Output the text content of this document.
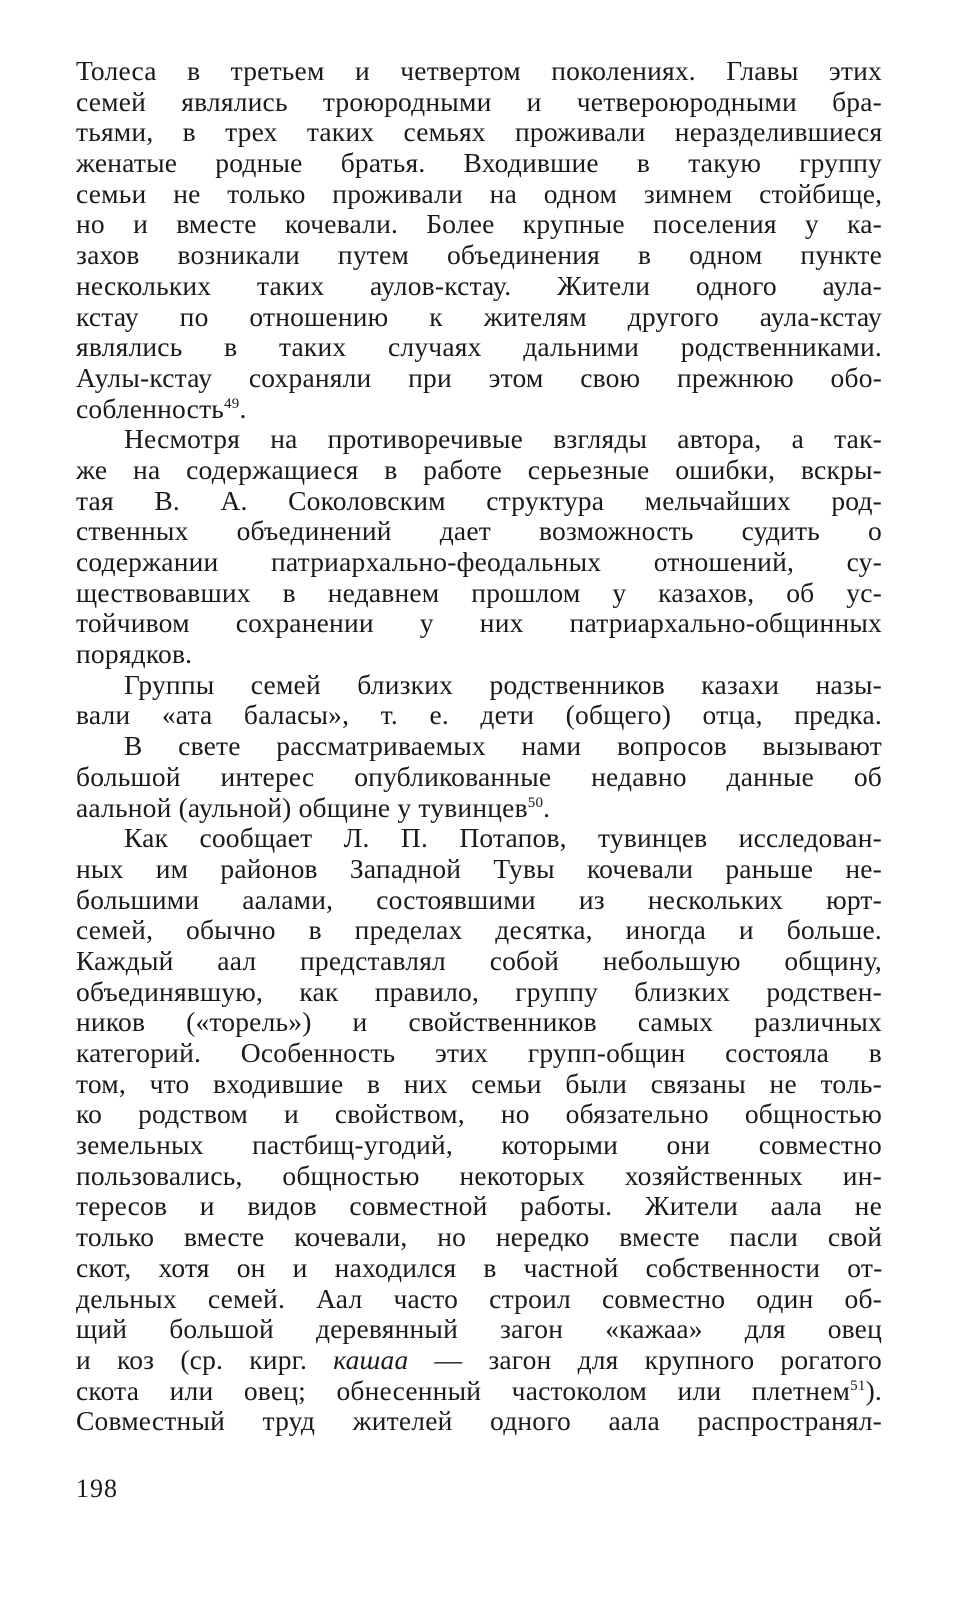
Толеса в третьем и четвертом поколениях. Главы этих
семей являлись троюродными и четвероюродными бра-
тьями, в трех таких семьях проживали неразделившиеся
женатые родные братья. Входившие в такую группу
семьи не только проживали на одном зимнем стойбище,
но и вместе кочевали. Более крупные поселения у ка-
захов возникали путем объединения в одном пункте
нескольких таких аулов-кстау. Жители одного аула-
кстау по отношению к жителям другого аула-кстау
являлись в таких случаях дальними родственниками.
Аулы-кстау сохраняли при этом свою прежнюю обо-
собленность$^{49}$.
Несмотря на противоречивые взгляды автора, а так-
же на содержащиеся в работе серьезные ошибки, вскры-
тая В. А. Соколовским структура мельчайших род-
ственных объединений дает возможность судить о
содержании патриархально-феодальных отношений, су-
ществовавших в недавнем прошлом у казахов, об ус-
тойчивом сохранении у них патриархально-общинных
порядков.
Группы семей близких родственников казахи назы-
вали «ата баласы», т. е. дети (общего) отца, предка.
В свете рассматриваемых нами вопросов вызывают
большой интерес опубликованные недавно данные об
аальной (аульной) общине у тувинцев$^{50}$.
Как сообщает Л. П. Потапов, тувинцев исследован-
ных им районов Западной Тувы кочевали раньше не-
большими аалами, состоявшими из нескольких юрт-
семей, обычно в пределах десятка, иногда и больше.
Каждый аал представлял собой небольшую общину,
объединявшую, как правило, группу близких родствен-
ников («торель») и свойственников самых различных
категорий. Особенность этих групп-общин состояла в
том, что входившие в них семьи были связаны не толь-
ко родством и свойством, но обязательно общностью
земельных пастбищ-угодий, которыми они совместно
пользовались, общностью некоторых хозяйственных ин-
тересов и видов совместной работы. Жители аала не
только вместе кочевали, но нередко вместе пасли свой
скот, хотя он и находился в частной собственности от-
дельных семей. Аал часто строил совместно один об-
щий большой деревянный загон «кажаа» для овец
и коз (ср. кирг. кашаа — загон для крупного рогатого
скота или овец; обнесенный частоколом или плетнем$^{51}$).
Совместный труд жителей одного аала распространял-
198
